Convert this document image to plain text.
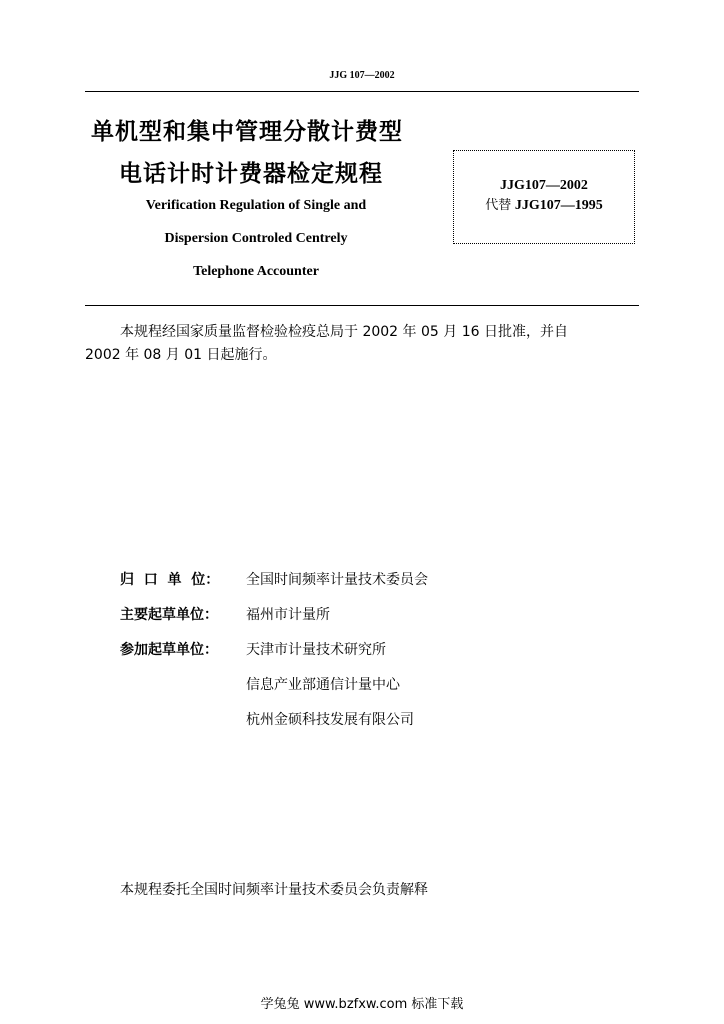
JJG 107—2002
单机型和集中管理分散计费型
电话计时计费器检定规程
Verification Regulation of Single and
Dispersion Controled Centrely
Telephone Accounter
JJG107—2002
代替 JJG107—1995
本规程经国家质量监督检验检疫总局于 2002 年 05 月 16 日批准，并自
2002 年 08 月 01 日起施行。
归  口  单  位： 全国时间频率计量技术委员会
主要起草单位： 福州市计量所
参加起草单位： 天津市计量技术研究所
信息产业部通信计量中心
杭州金硕科技发展有限公司
本规程委托全国时间频率计量技术委员会负责解释
学兔兔 www.bzfxw.com 标准下载
